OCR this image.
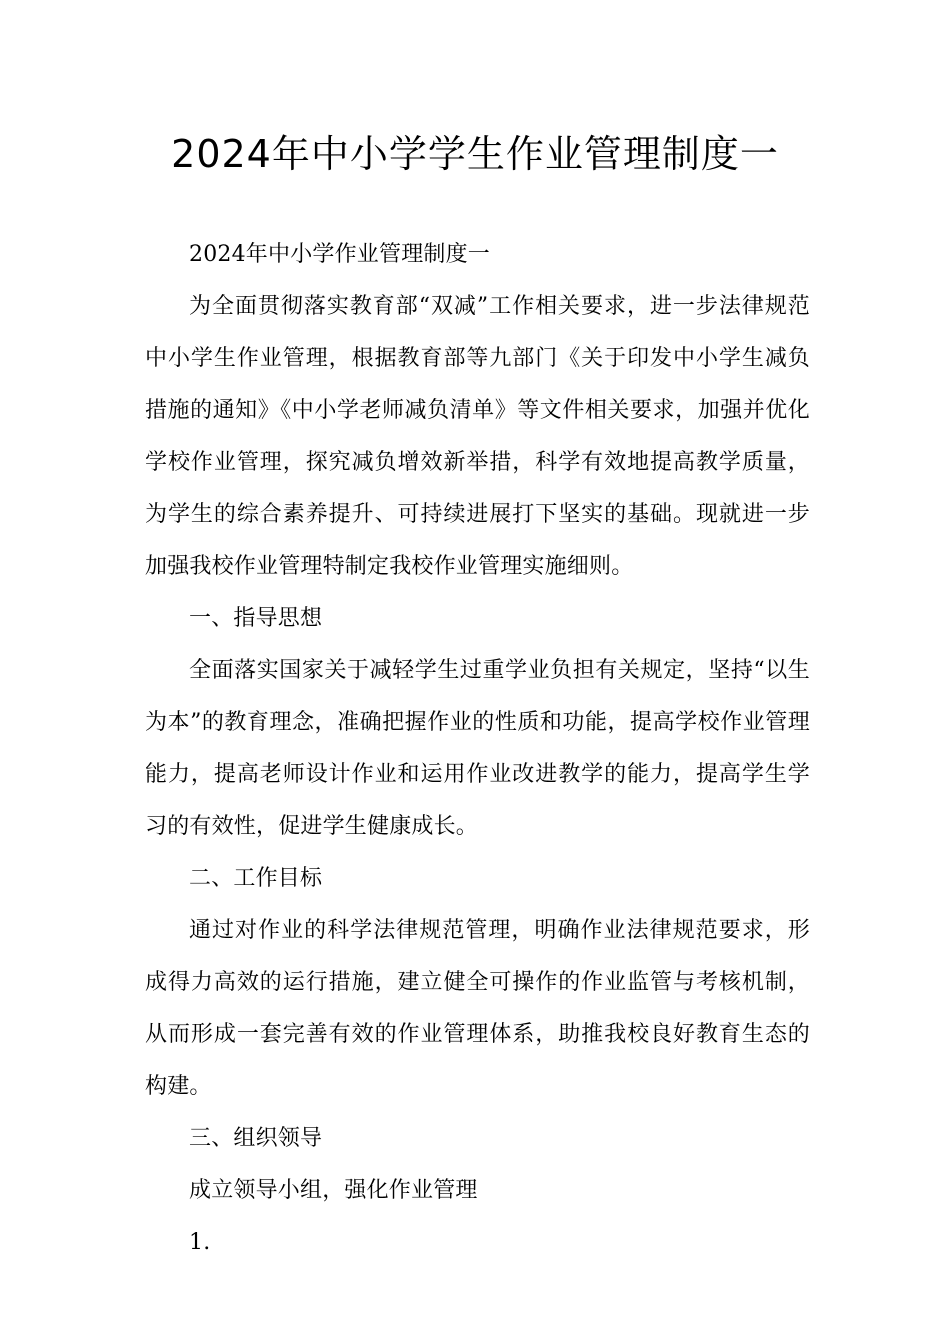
2024年中小学学生作业管理制度一

2024年中小学作业管理制度一

为全面贯彻落实教育部“双减”工作相关要求，进一步法律规范中小学生作业管理，根据教育部等九部门《关于印发中小学生减负措施的通知》《中小学老师减负清单》等文件相关要求，加强并优化学校作业管理，探究减负增效新举措，科学有效地提高教学质量，为学生的综合素养提升、可持续进展打下坚实的基础。现就进一步加强我校作业管理特制定我校作业管理实施细则。

一、指导思想

全面落实国家关于减轻学生过重学业负担有关规定，坚持“以生为本”的教育理念，准确把握作业的性质和功能，提高学校作业管理能力，提高老师设计作业和运用作业改进教学的能力，提高学生学习的有效性，促进学生健康成长。

二、工作目标

通过对作业的科学法律规范管理，明确作业法律规范要求，形成得力高效的运行措施，建立健全可操作的作业监管与考核机制，从而形成一套完善有效的作业管理体系，助推我校良好教育生态的构建。

三、组织领导

成立领导小组，强化作业管理

1.
